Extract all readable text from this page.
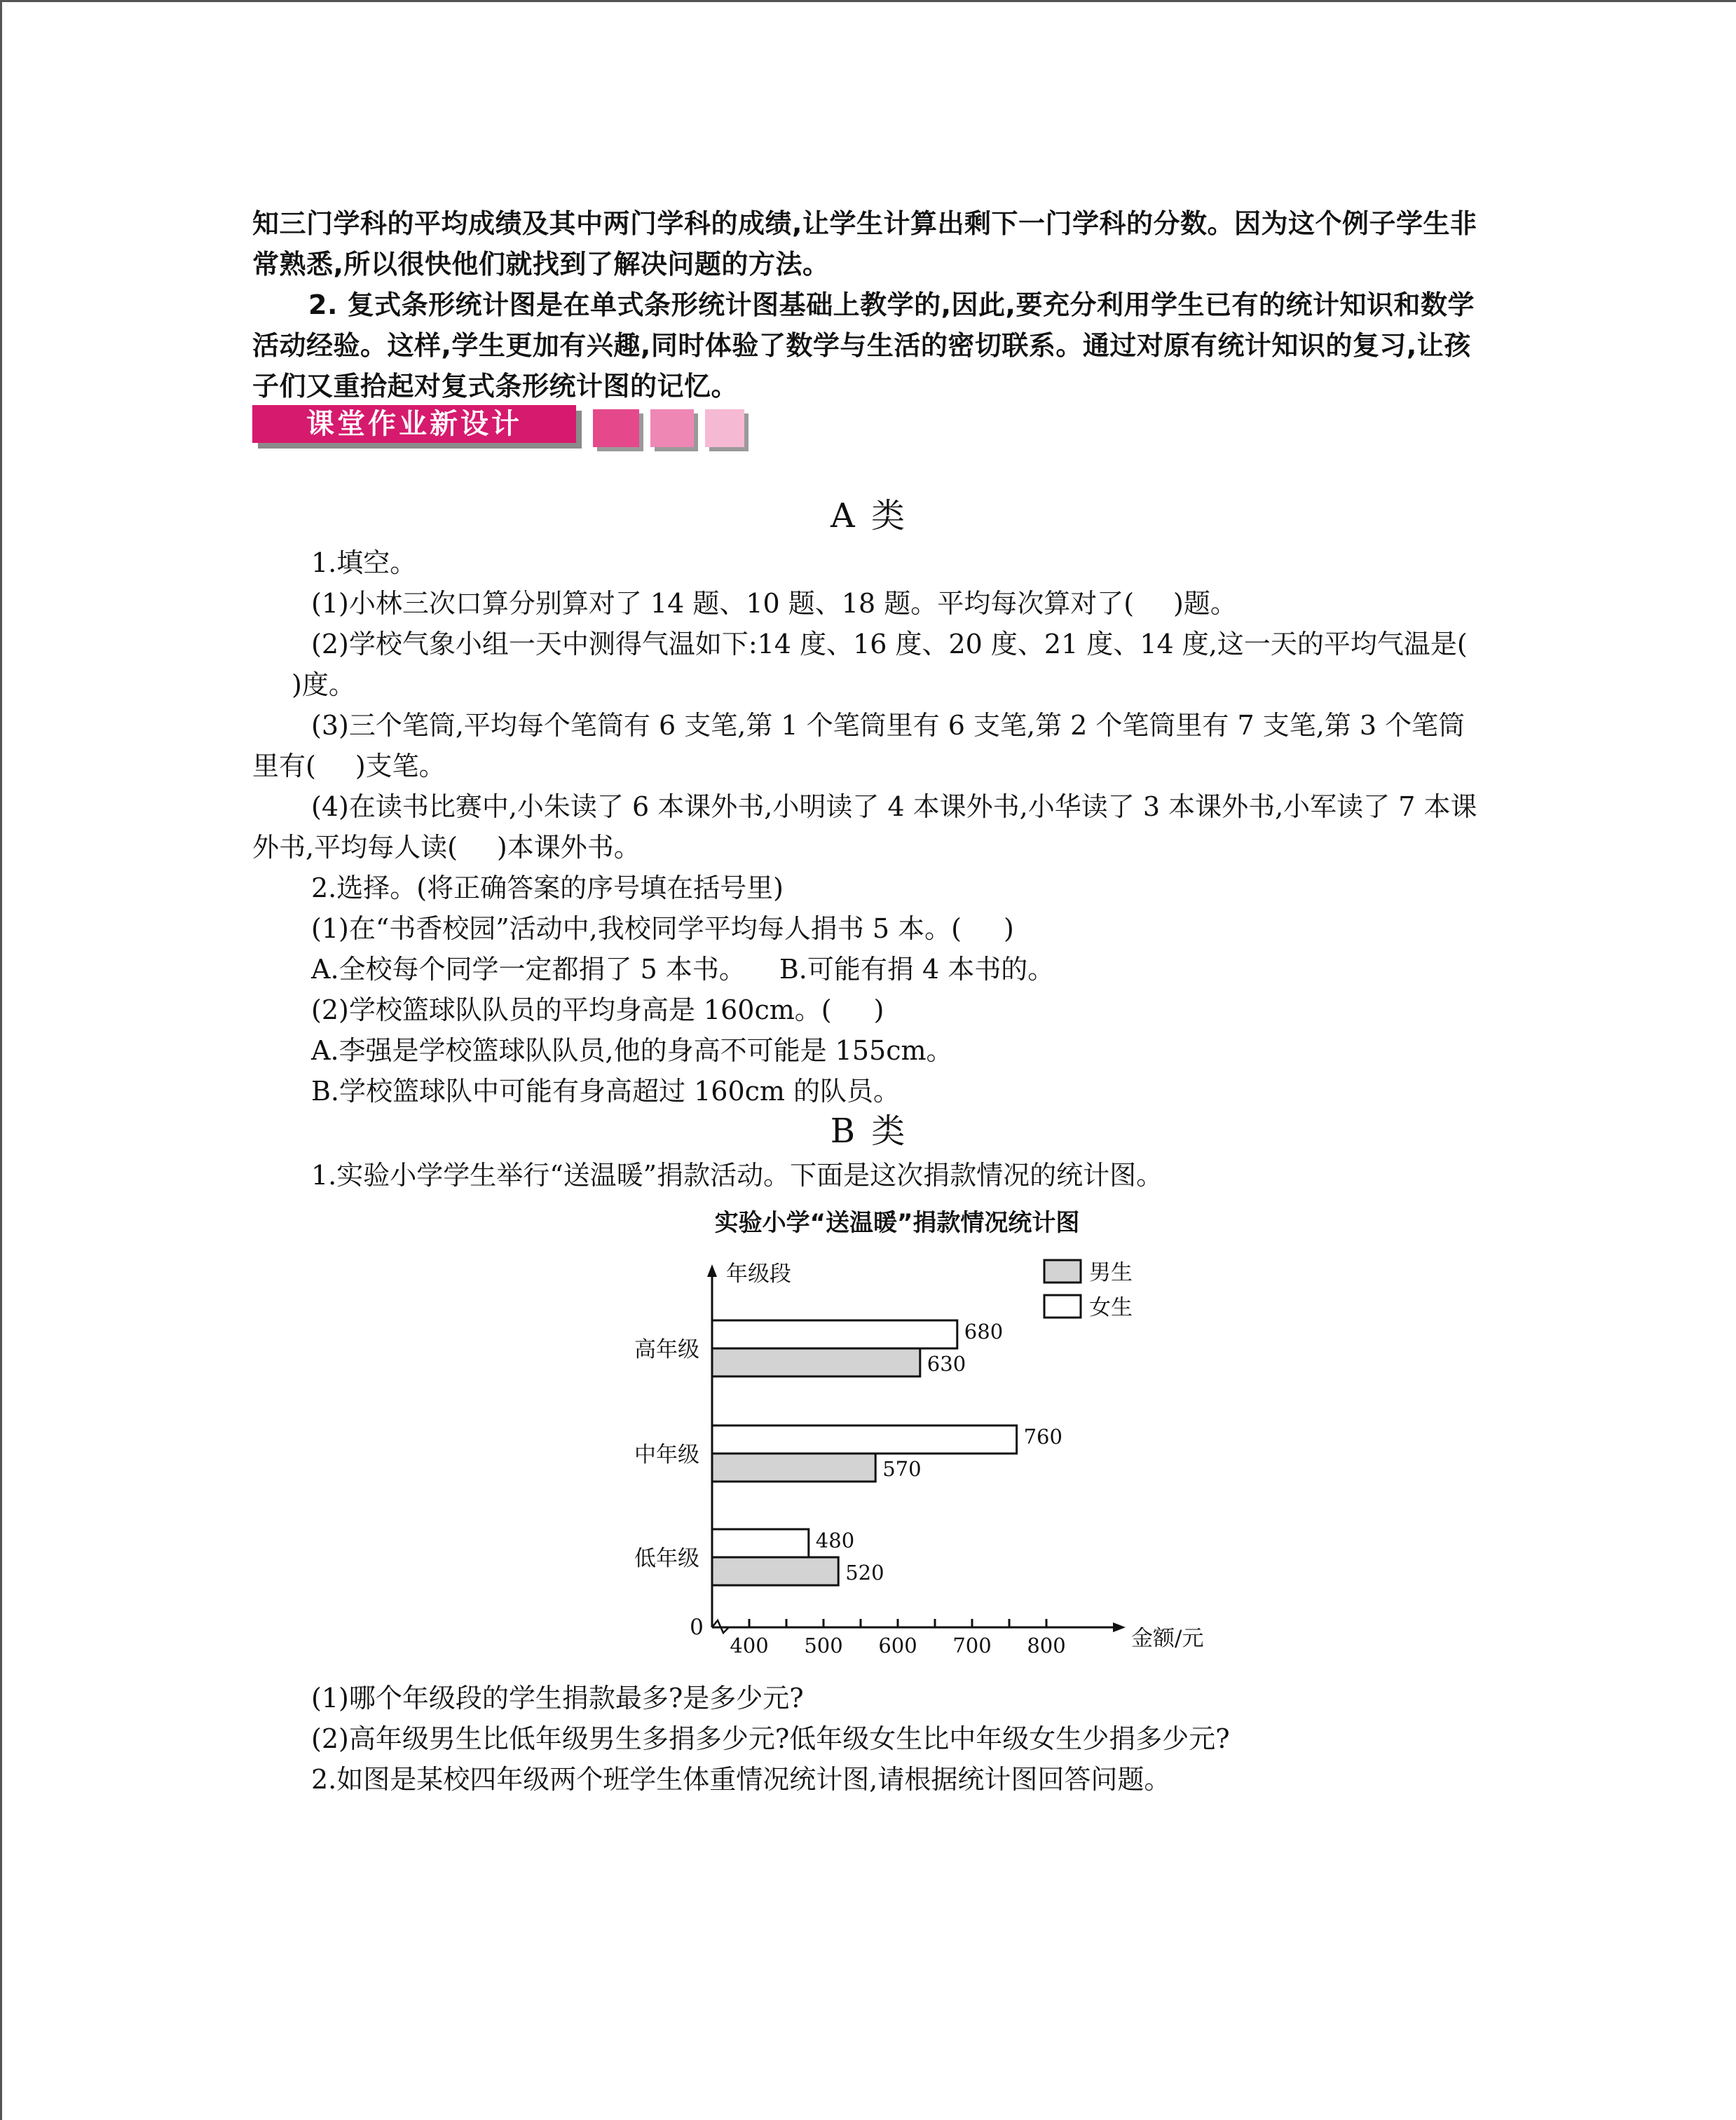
知三门学科的平均成绩及其中两门学科的成绩,让学生计算出剩下一门学科的分数。因为这个例子学生非常熟悉,所以很快他们就找到了解决问题的方法。

2. 复式条形统计图是在单式条形统计图基础上教学的,因此,要充分利用学生已有的统计知识和数学活动经验。这样,学生更加有兴趣,同时体验了数学与生活的密切联系。通过对原有统计知识的复习,让孩子们又重拾起对复式条形统计图的记忆。

课堂作业新设计
A 类

1.填空。

(1)小林三次口算分别算对了 14 题、10 题、18 题。平均每次算对了( )题。

(2)学校气象小组一天中测得气温如下:14 度、16 度、20 度、21 度、14 度,这一天的平均气温是()度。

(3)三个笔筒,平均每个笔筒有 6 支笔,第 1 个笔筒里有 6 支笔,第 2 个笔筒里有 7 支笔,第 3 个笔筒里有( )支笔。

(4)在读书比赛中,小朱读了 6 本课外书,小明读了 4 本课外书,小华读了 3 本课外书,小军读了 7 本课外书,平均每人读( )本课外书。

2.选择。(将正确答案的序号填在括号里)

(1)在“书香校园”活动中,我校同学平均每人捐书 5 本。( )

A.全校每个同学一定都捐了 5 本书。 B.可能有捐 4 本书的。

(2)学校篮球队队员的平均身高是 160cm。( )

A.李强是学校篮球队队员,他的身高不可能是 155cm。

B.学校篮球队中可能有身高超过 160cm 的队员。

B 类

1.实验小学学生举行“送温暖”捐款活动。下面是这次捐款情况的统计图。

实验小学“送温暖”捐款情况统计图
年级段
金额/元
0
男生
女生
高年级
680
630
中年级
760
570
低年级
480
520
400 500 600 700 800

(1)哪个年级段的学生捐款最多?是多少元?

(2)高年级男生比低年级男生多捐多少元?低年级女生比中年级女生少捐多少元?

2.如图是某校四年级两个班学生体重情况统计图,请根据统计图回答问题。
